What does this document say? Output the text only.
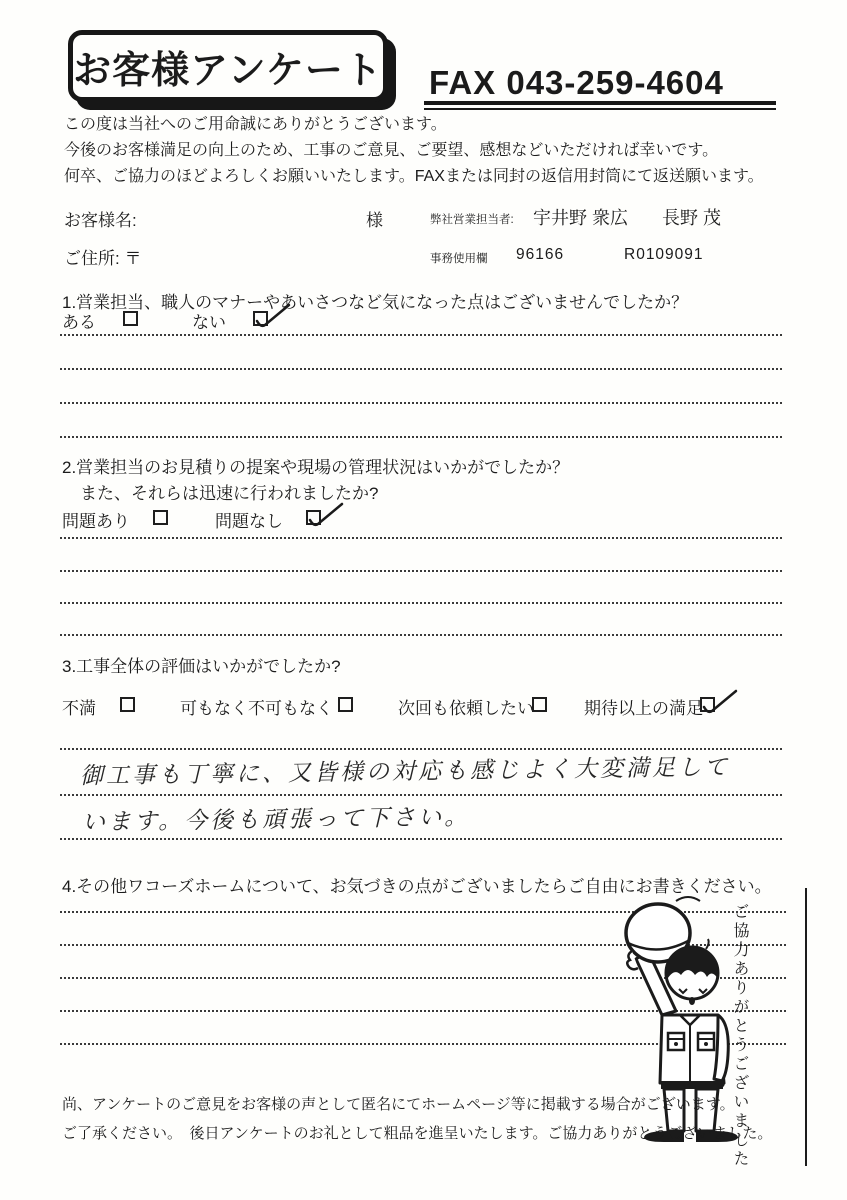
お客様アンケート FAX 043-259-4604
この度は当社へのご用命誠にありがとうございます。
今後のお客様満足の向上のため、工事のご意見、ご要望、感想などいただければ幸いです。
何卒、ご協力のほどよろしくお願いいたします。FAXまたは同封の返信用封筒にて返送願います。
お客様名:	様	弊社営業担当者: 宇井野 衆広 長野 茂
ご住所: 〒	事務使用欄 96166	R0109091
1.営業担当、職人のマナーやあいさつなど気になった点はございませんでしたか？
ある	ない
2.営業担当のお見積りの提案や現場の管理状況はいかがでしたか？
また、それらは迅速に行われましたか?
問題あり	問題なし
3.工事全体の評価はいかがでしたか?
不満	可もなく不可もなく	次回も依頼したい	期待以上の満足
御工事も丁寧に、又皆様の対応も感じよく大変満足して
います。今後も頑張って下さい。
4.その他ワコーズホームについて、お気づきの点がございましたらご自由にお書きください。
ご協力ありがとうございました
尚、アンケートのご意見をお客様の声として匿名にてホームページ等に掲載する場合がございます。
ご了承ください。　後日アンケートのお礼として粗品を進呈いたします。ご協力ありがとうございました。
